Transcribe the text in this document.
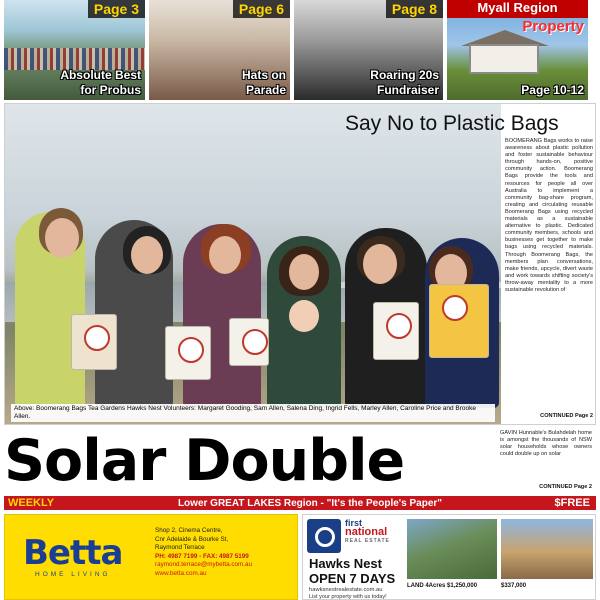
Page 3
Absolute Best
for Probus
Page 6
Hats on
Parade
Page 8
Roaring 20s
Fundraiser
Myall Region
Property
Page 10-12
Say No to Plastic Bags
Above: Boomerang Bags Tea Gardens Hawks Nest Volunteers: Margaret Gooding, Sam Allen, Salena Ding, Ingrid Fells, Marley Allen, Caroline Price and Brooke Allen.
BOOMERANG Bags works to raise awareness about plastic pollution and foster sustainable behaviour through hands-on, positive community action. Boomerang Bags provide the tools and resources for people all over Australia to implement a community bag-share program, creating and circulating reusable Boomerang Bags using recycled materials as a sustainable alternative to plastic. Dedicated community members, schools and businesses get together to make bags using recycled materials. Through Boomerang Bags, the members plan conversations, make friends, upcycle, divert waste and work towards shifting society's throw-away mentality to a more sustainable revolution of
CONTINUED Page 2
Solar Double	GAVIN Hunnable's Bulahdelah home is amongst the thousands of NSW solar households whose owners could double up on solar
CONTINUED Page 2
WEEKLY	Lower GREAT LAKES Region - "It's the People's Paper"	$FREE
Betta
HOME LIVING
Shop 2, Cinema Centre,
Cnr Adelaide & Bourke St,
Raymond Terrace
PH: 4987 7199 - FAX: 4987 5199
raymond.terrace@mybetta.com.au
www.betta.com.au
first
national
REAL ESTATE
Hawks Nest
OPEN 7 DAYS
hawksnestrealestate.com.au
List your property with us today!
LAND 4Acres $1,250,000	$337,000
